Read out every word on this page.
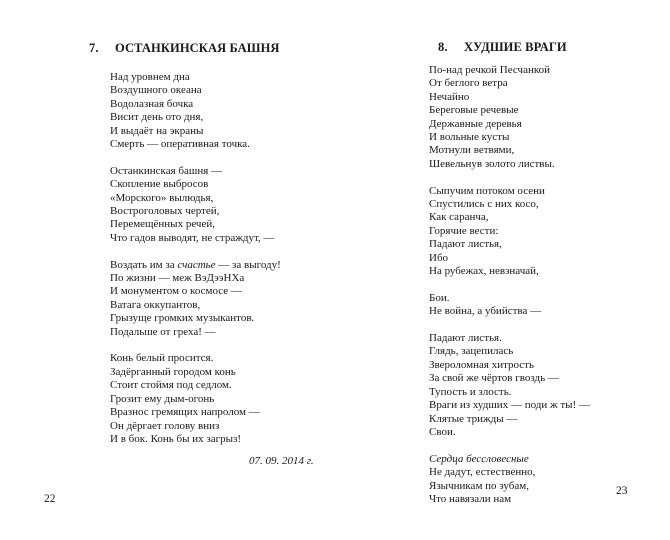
7. ОСТАНКИНСКАЯ БАШНЯ
Над уровнем дна
Воздушного океана
Водолазная бочка
Висит день ото дня,
И выдаёт на экраны
Смерть — оперативная точка.
Останкинская башня —
Скопление выбросов
«Морского» вылюдья,
Востроголовых чертей,
Перемещённых речей,
Что гадов выводят, не страждут, —
Воздать им за счастье — за выгоду!
По жизни — меж ВэДээНХа
И монументом о космосе —
Ватага оккупантов,
Грызуще громких музыкантов.
Подальше от греха! —
Конь белый просится.
Задёрганный городом конь
Стоит стоймя под седлом.
Грозит ему дым-огонь
Вразнос гремящих напролом —
Он дёргает голову вниз
И в бок. Конь бы их загрыз!
07. 09. 2014 г.
22
8. ХУДШИЕ ВРАГИ
По-над речкой Песчанкой
От беглого ветра
Нечайно
Береговые речевые
Державные деревья
И вольные кусты
Мотнули ветвями,
Шевельнув золото листвы.
Сыпучим потоком осени
Спустились с них косо,
Как саранча,
Горячие вести:
Падают листья,
Ибо
На рубежах, невзначай,
Бои.
Не война, а убийства —
Падают листья.
Глядь, зацепилась
Звероломная хитрость
За свой же чёртов гвоздь —
Тупость и злость.
Враги из худших — поди ж ты! —
Клятые трижды —
Свои.
Сердца бессловесные
Не дадут, естественно,
Язычникам по зубам,
Что навязали нам
23
